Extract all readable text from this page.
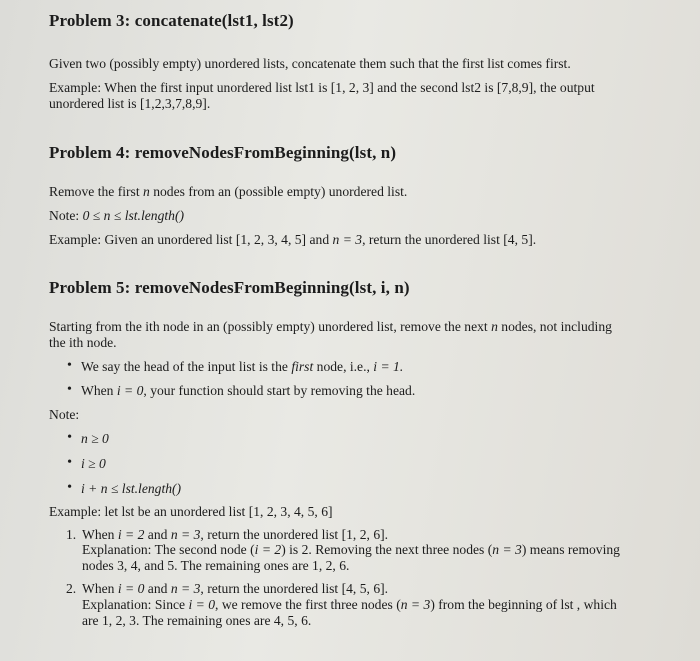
Problem 3: concatenate(lst1, lst2)
Given two (possibly empty) unordered lists, concatenate them such that the first list comes first.
Example: When the first input unordered list lst1 is [1, 2, 3] and the second lst2 is [7,8,9], the output
unordered list is [1,2,3,7,8,9].
Problem 4: removeNodesFromBeginning(lst, n)
Remove the first n nodes from an (possible empty) unordered list.
Note: 0 ≤ n ≤ lst.length()
Example: Given an unordered list [1, 2, 3, 4, 5] and n = 3, return the unordered list [4, 5].
Problem 5: removeNodesFromBeginning(lst, i, n)
Starting from the ith node in an (possibly empty) unordered list, remove the next n nodes, not including
the ith node.
• We say the head of the input list is the first node, i.e., i = 1.
• When i = 0, your function should start by removing the head.
Note:
• n ≥ 0
• i ≥ 0
• i + n ≤ lst.length()
Example: let lst be an unordered list [1, 2, 3, 4, 5, 6]
1. When i = 2 and n = 3, return the unordered list [1, 2, 6].
Explanation: The second node (i = 2) is 2. Removing the next three nodes (n = 3) means removing
nodes 3, 4, and 5. The remaining ones are 1, 2, 6.
2. When i = 0 and n = 3, return the unordered list [4, 5, 6].
Explanation: Since i = 0, we remove the first three nodes (n = 3) from the beginning of lst , which
are 1, 2, 3. The remaining ones are 4, 5, 6.
